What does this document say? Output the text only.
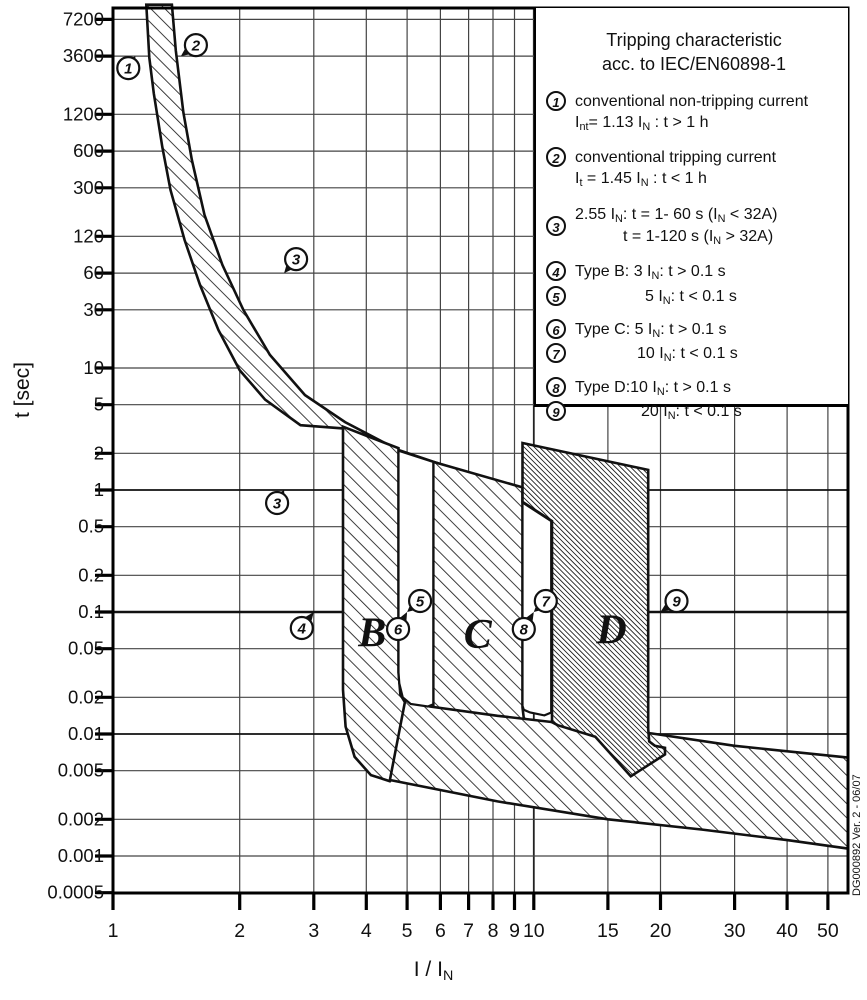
7200
3600
1200
600
300
120
60
30
10
5
2
1
0.5
0.2
0.1
0.05
0.02
0.01
0.005
0.002
0.001
0.0005
1	2	3 4 5 6 7 8 9 10	15 20	30 40 50
B C D
1
2
3
3
4
5
6
7
8
9
t [sec]
I / $I_N$
DG000892 Ver. 2 - 06/07
Tripping characteristic
acc. to IEC/EN60898-1
1 conventional non-tripping current
$I_{nt}= 1.13$ $I_N$ : t > 1 h
2 conventional tripping current
$I_t = 1.45$ $I_N$ : t < 1 h
3
2.55 $I_N$: t = 1- 60 s $(I_N < 32A)$
t = 1-120 s $(I_N > 32A)$
4 Type B: 3 $I_N$: t > 0.1 s
5	5 $I_N$: t < 0.1 s
6 Type C: 5 $I_N$: t > 0.1 s
7	10 $I_N$: t < 0.1 s
8 Type D:10 $I_N$: t > 0.1 s
9	20 $I_N$: t < 0.1 s
